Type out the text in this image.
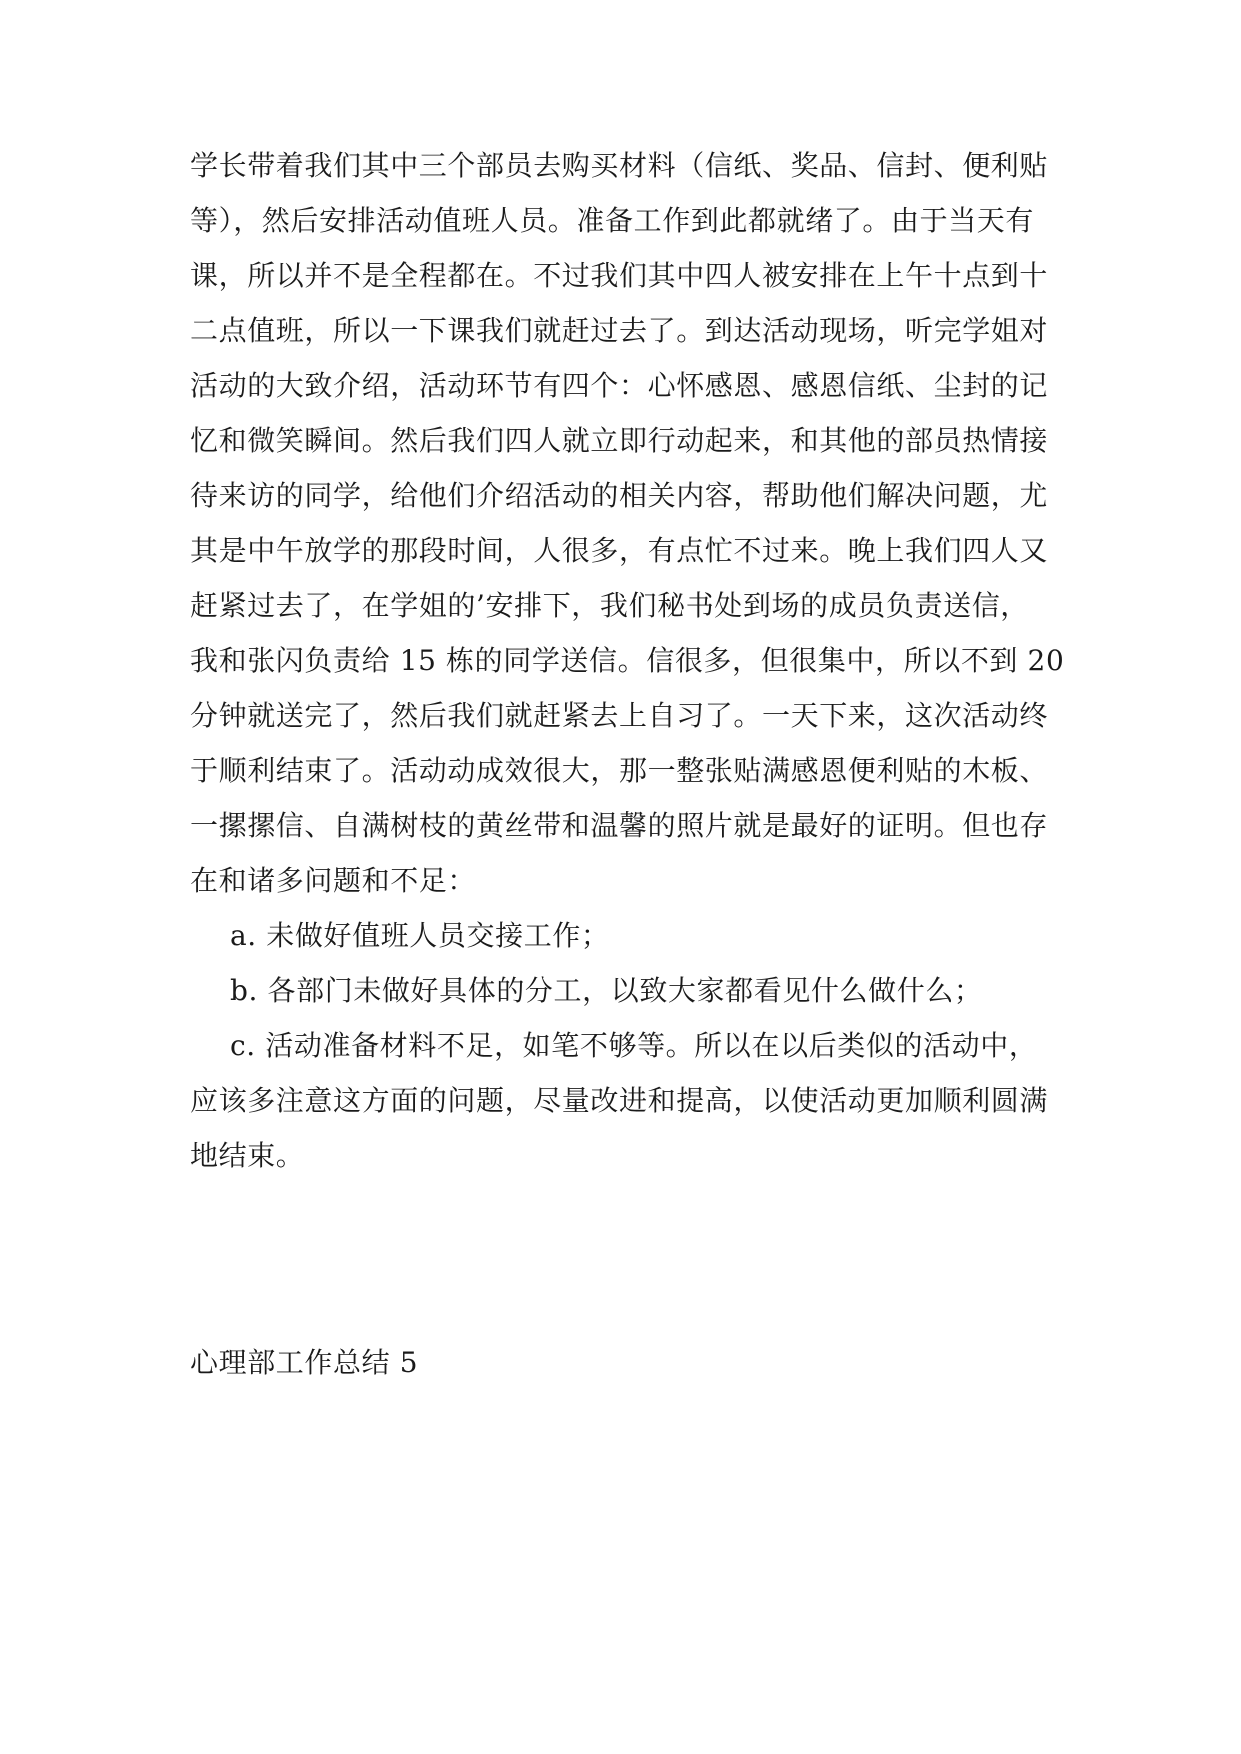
学长带着我们其中三个部员去购买材料（信纸、奖品、信封、便利贴
等），然后安排活动值班人员。准备工作到此都就绪了。由于当天有
课，所以并不是全程都在。不过我们其中四人被安排在上午十点到十
二点值班，所以一下课我们就赶过去了。到达活动现场，听完学姐对
活动的大致介绍，活动环节有四个：心怀感恩、感恩信纸、尘封的记
忆和微笑瞬间。然后我们四人就立即行动起来，和其他的部员热情接
待来访的同学，给他们介绍活动的相关内容，帮助他们解决问题，尤
其是中午放学的那段时间，人很多，有点忙不过来。晚上我们四人又
赶紧过去了，在学姐的’安排下，我们秘书处到场的成员负责送信，
我和张闪负责给 15 栋的同学送信。信很多，但很集中，所以不到 20
分钟就送完了，然后我们就赶紧去上自习了。一天下来，这次活动终
于顺利结束了。活动动成效很大，那一整张贴满感恩便利贴的木板、
一摞摞信、自满树枝的黄丝带和温馨的照片就是最好的证明。但也存
在和诸多问题和不足：
a. 未做好值班人员交接工作；
b. 各部门未做好具体的分工，以致大家都看见什么做什么；
c. 活动准备材料不足，如笔不够等。所以在以后类似的活动中，
应该多注意这方面的问题，尽量改进和提高，以使活动更加顺利圆满
地结束。
心理部工作总结 5
